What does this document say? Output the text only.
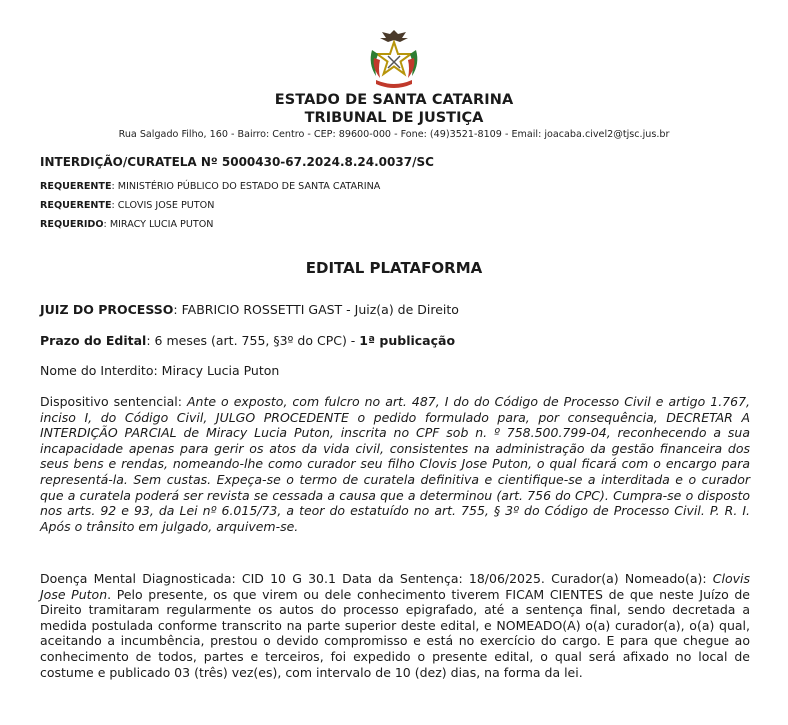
ESTADO DE SANTA CATARINA
TRIBUNAL DE JUSTIÇA
Rua Salgado Filho, 160 - Bairro: Centro - CEP: 89600-000 - Fone: (49)3521-8109 - Email: joacaba.civel2@tjsc.jus.br
INTERDIÇÃO/CURATELA Nº 5000430-67.2024.8.24.0037/SC
REQUERENTE: MINISTÉRIO PÚBLICO DO ESTADO DE SANTA CATARINA
REQUERENTE: CLOVIS JOSE PUTON
REQUERIDO: MIRACY LUCIA PUTON
EDITAL PLATAFORMA
JUIZ DO PROCESSO: FABRICIO ROSSETTI GAST - Juiz(a) de Direito
Prazo do Edital: 6 meses (art. 755, §3º do CPC) - 1ª publicação
Nome do Interdito: Miracy Lucia Puton
Dispositivo sentencial: Ante o exposto, com fulcro no art. 487, I do do Código de Processo Civil e artigo 1.767, inciso I, do Código Civil, JULGO PROCEDENTE o pedido formulado para, por consequência, DECRETAR A INTERDIÇÃO PARCIAL de Miracy Lucia Puton, inscrita no CPF sob n. º 758.500.799-04, reconhecendo a sua incapacidade apenas para gerir os atos da vida civil, consistentes na administração da gestão financeira dos seus bens e rendas, nomeando-lhe como curador seu filho Clovis Jose Puton, o qual ficará com o encargo para representá-la. Sem custas. Expeça-se o termo de curatela definitiva e cientifique-se a interditada e o curador que a curatela poderá ser revista se cessada a causa que a determinou (art. 756 do CPC). Cumpra-se o disposto nos arts. 92 e 93, da Lei nº 6.015/73, a teor do estatuído no art. 755, § 3º do Código de Processo Civil. P. R. I. Após o trânsito em julgado, arquivem-se.
Doença Mental Diagnosticada: CID 10 G 30.1 Data da Sentença: 18/06/2025. Curador(a) Nomeado(a): Clovis Jose Puton. Pelo presente, os que virem ou dele conhecimento tiverem FICAM CIENTES de que neste Juízo de Direito tramitaram regularmente os autos do processo epigrafado, até a sentença final, sendo decretada a medida postulada conforme transcrito na parte superior deste edital, e NOMEADO(A) o(a) curador(a), o(a) qual, aceitando a incumbência, prestou o devido compromisso e está no exercício do cargo. E para que chegue ao conhecimento de todos, partes e terceiros, foi expedido o presente edital, o qual será afixado no local de costume e publicado 03 (três) vez(es), com intervalo de 10 (dez) dias, na forma da lei.
